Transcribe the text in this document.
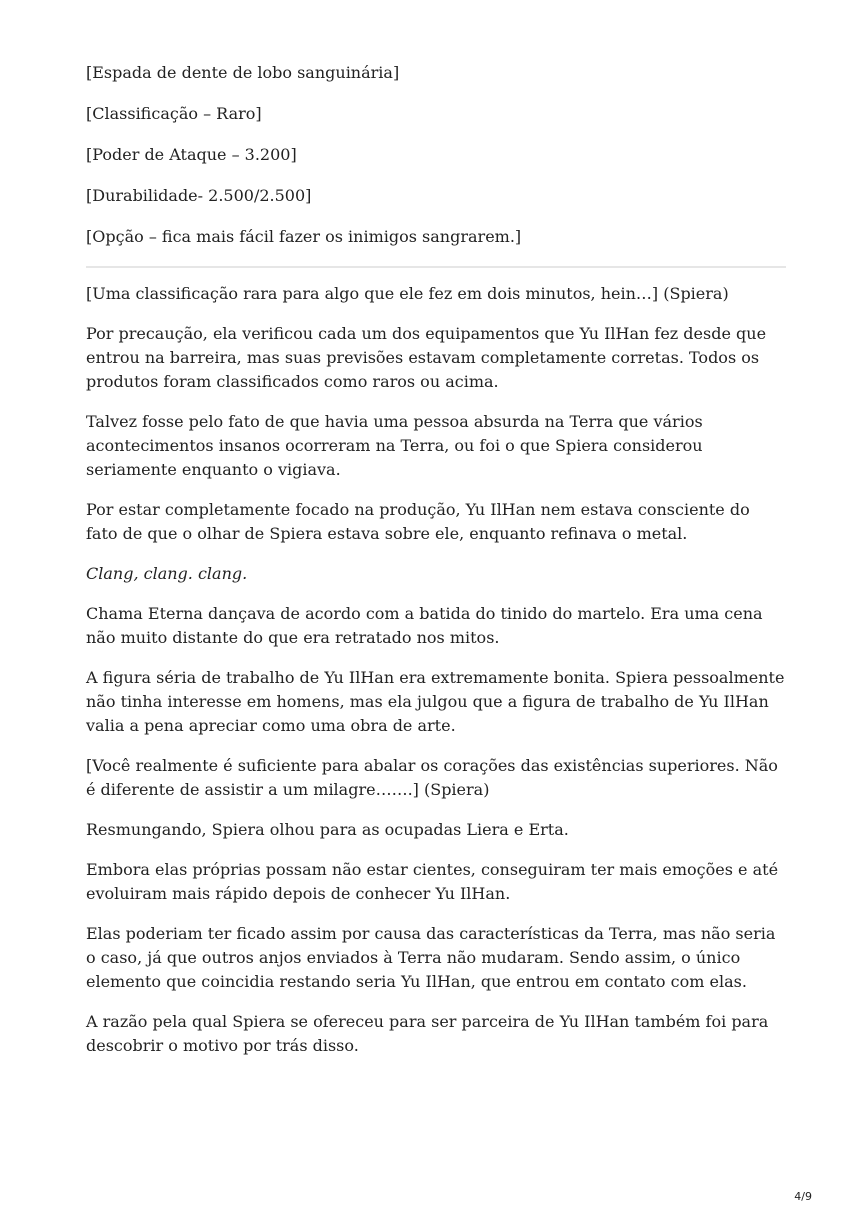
[Espada de dente de lobo sanguinária]

[Classificação – Raro]

[Poder de Ataque – 3.200]

[Durabilidade- 2.500/2.500]

[Opção – fica mais fácil fazer os inimigos sangrarem.]

[Uma classificação rara para algo que ele fez em dois minutos, hein…] (Spiera)

Por precaução, ela verificou cada um dos equipamentos que Yu IlHan fez desde que entrou na barreira, mas suas previsões estavam completamente corretas. Todos os produtos foram classificados como raros ou acima.

Talvez fosse pelo fato de que havia uma pessoa absurda na Terra que vários acontecimentos insanos ocorreram na Terra, ou foi o que Spiera considerou seriamente enquanto o vigiava.

Por estar completamente focado na produção, Yu IlHan nem estava consciente do fato de que o olhar de Spiera estava sobre ele, enquanto refinava o metal.

Clang, clang. clang.

Chama Eterna dançava de acordo com a batida do tinido do martelo. Era uma cena não muito distante do que era retratado nos mitos.

A figura séria de trabalho de Yu IlHan era extremamente bonita. Spiera pessoalmente não tinha interesse em homens, mas ela julgou que a figura de trabalho de Yu IlHan valia a pena apreciar como uma obra de arte.

[Você realmente é suficiente para abalar os corações das existências superiores. Não é diferente de assistir a um milagre…….] (Spiera)

Resmungando, Spiera olhou para as ocupadas Liera e Erta.

Embora elas próprias possam não estar cientes, conseguiram ter mais emoções e até evoluiram mais rápido depois de conhecer Yu IlHan.

Elas poderiam ter ficado assim por causa das características da Terra, mas não seria o caso, já que outros anjos enviados à Terra não mudaram. Sendo assim, o único elemento que coincidia restando seria Yu IlHan, que entrou em contato com elas.

A razão pela qual Spiera se ofereceu para ser parceira de Yu IlHan também foi para descobrir o motivo por trás disso.

4/9
